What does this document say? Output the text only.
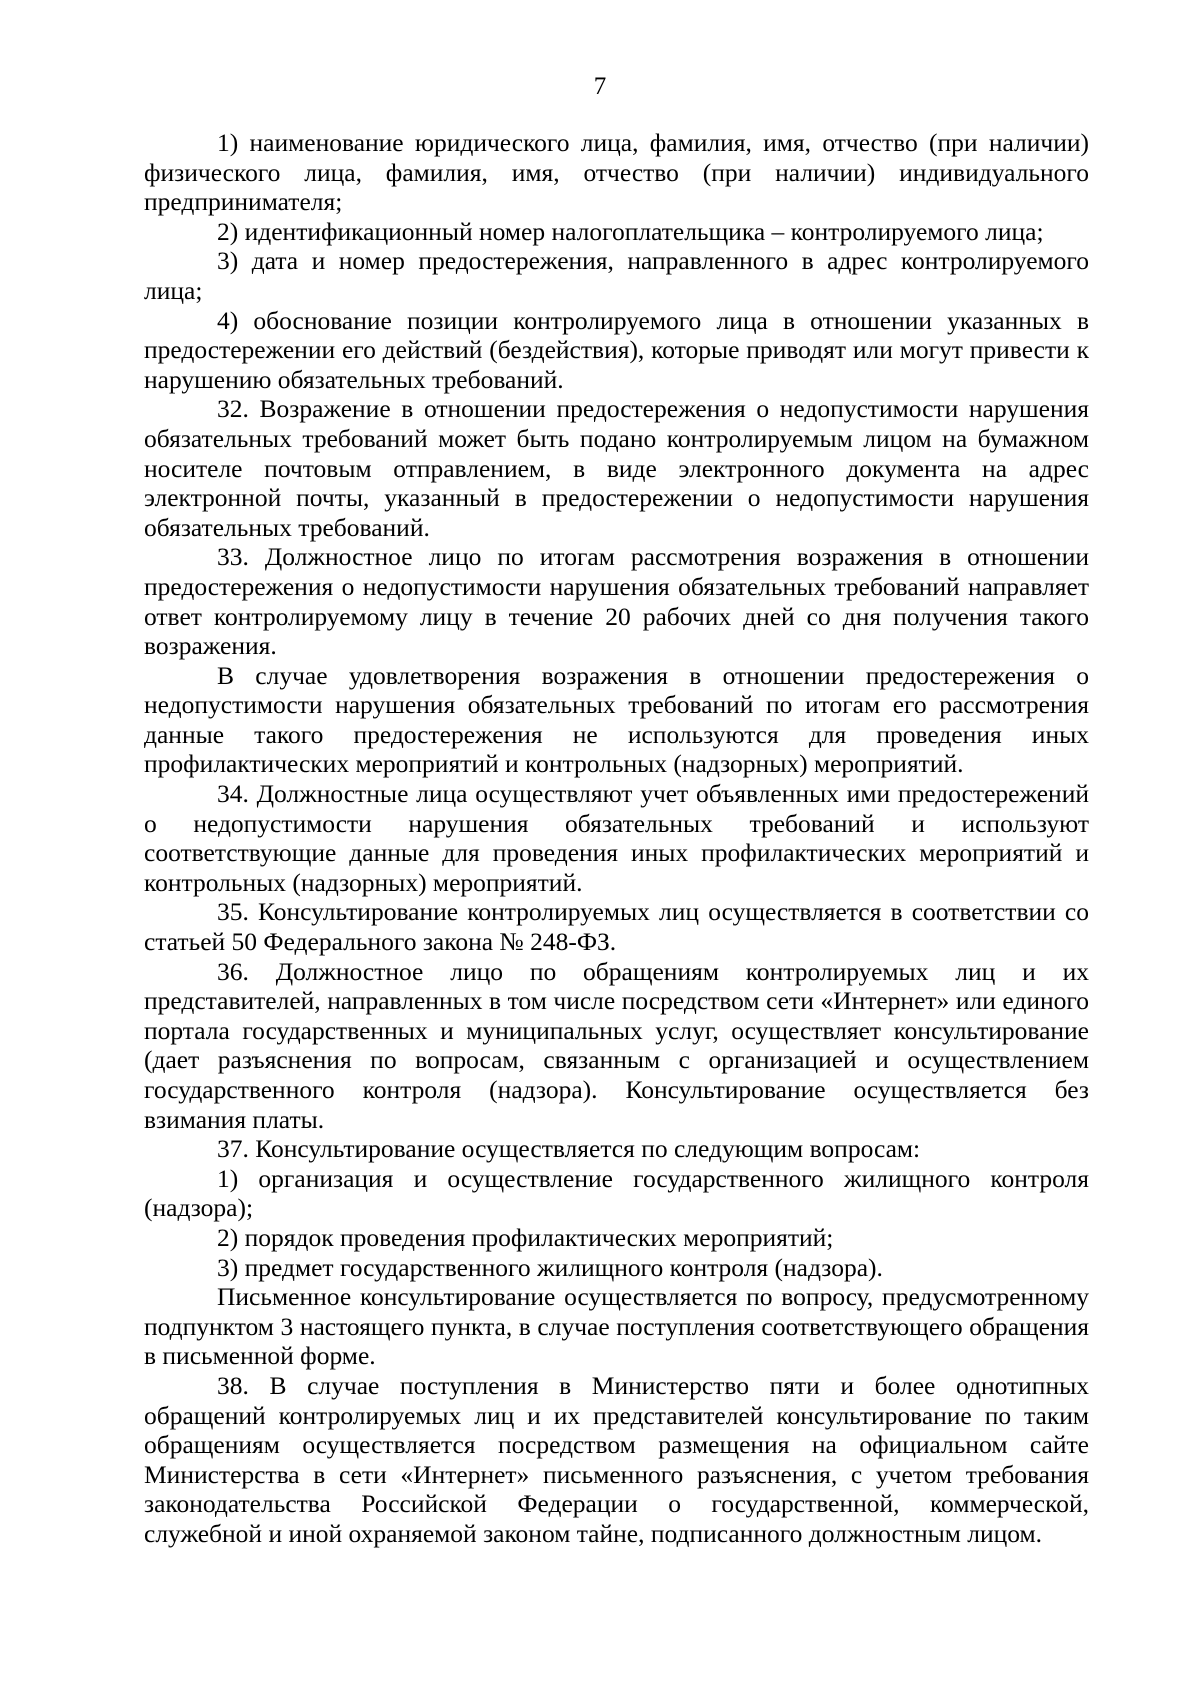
7

1) наименование юридического лица, фамилия, имя, отчество (при наличии) физического лица, фамилия, имя, отчество (при наличии) индивидуального предпринимателя;

2) идентификационный номер налогоплательщика – контролируемого лица;

3) дата и номер предостережения, направленного в адрес контролируемого лица;

4) обоснование позиции контролируемого лица в отношении указанных в предостережении его действий (бездействия), которые приводят или могут привести к нарушению обязательных требований.

32. Возражение в отношении предостережения о недопустимости нарушения обязательных требований может быть подано контролируемым лицом на бумажном носителе почтовым отправлением, в виде электронного документа на адрес электронной почты, указанный в предостережении о недопустимости нарушения обязательных требований.

33. Должностное лицо по итогам рассмотрения возражения в отношении предостережения о недопустимости нарушения обязательных требований направляет ответ контролируемому лицу в течение 20 рабочих дней со дня получения такого возражения.

В случае удовлетворения возражения в отношении предостережения о недопустимости нарушения обязательных требований по итогам его рассмотрения данные такого предостережения не используются для проведения иных профилактических мероприятий и контрольных (надзорных) мероприятий.

34. Должностные лица осуществляют учет объявленных ими предостережений о недопустимости нарушения обязательных требований и используют соответствующие данные для проведения иных профилактических мероприятий и контрольных (надзорных) мероприятий.

35. Консультирование контролируемых лиц осуществляется в соответствии со статьей 50 Федерального закона № 248-ФЗ.

36. Должностное лицо по обращениям контролируемых лиц и их представителей, направленных в том числе посредством сети «Интернет» или единого портала государственных и муниципальных услуг, осуществляет консультирование (дает разъяснения по вопросам, связанным с организацией и осуществлением государственного контроля (надзора). Консультирование осуществляется без взимания платы.

37. Консультирование осуществляется по следующим вопросам:

1) организация и осуществление государственного жилищного контроля (надзора);

2) порядок проведения профилактических мероприятий;

3) предмет государственного жилищного контроля (надзора).

Письменное консультирование осуществляется по вопросу, предусмотренному подпунктом 3 настоящего пункта, в случае поступления соответствующего обращения в письменной форме.

38. В случае поступления в Министерство пяти и более однотипных обращений контролируемых лиц и их представителей консультирование по таким обращениям осуществляется посредством размещения на официальном сайте Министерства в сети «Интернет» письменного разъяснения, с учетом требования законодательства Российской Федерации о государственной, коммерческой, служебной и иной охраняемой законом тайне, подписанного должностным лицом.
